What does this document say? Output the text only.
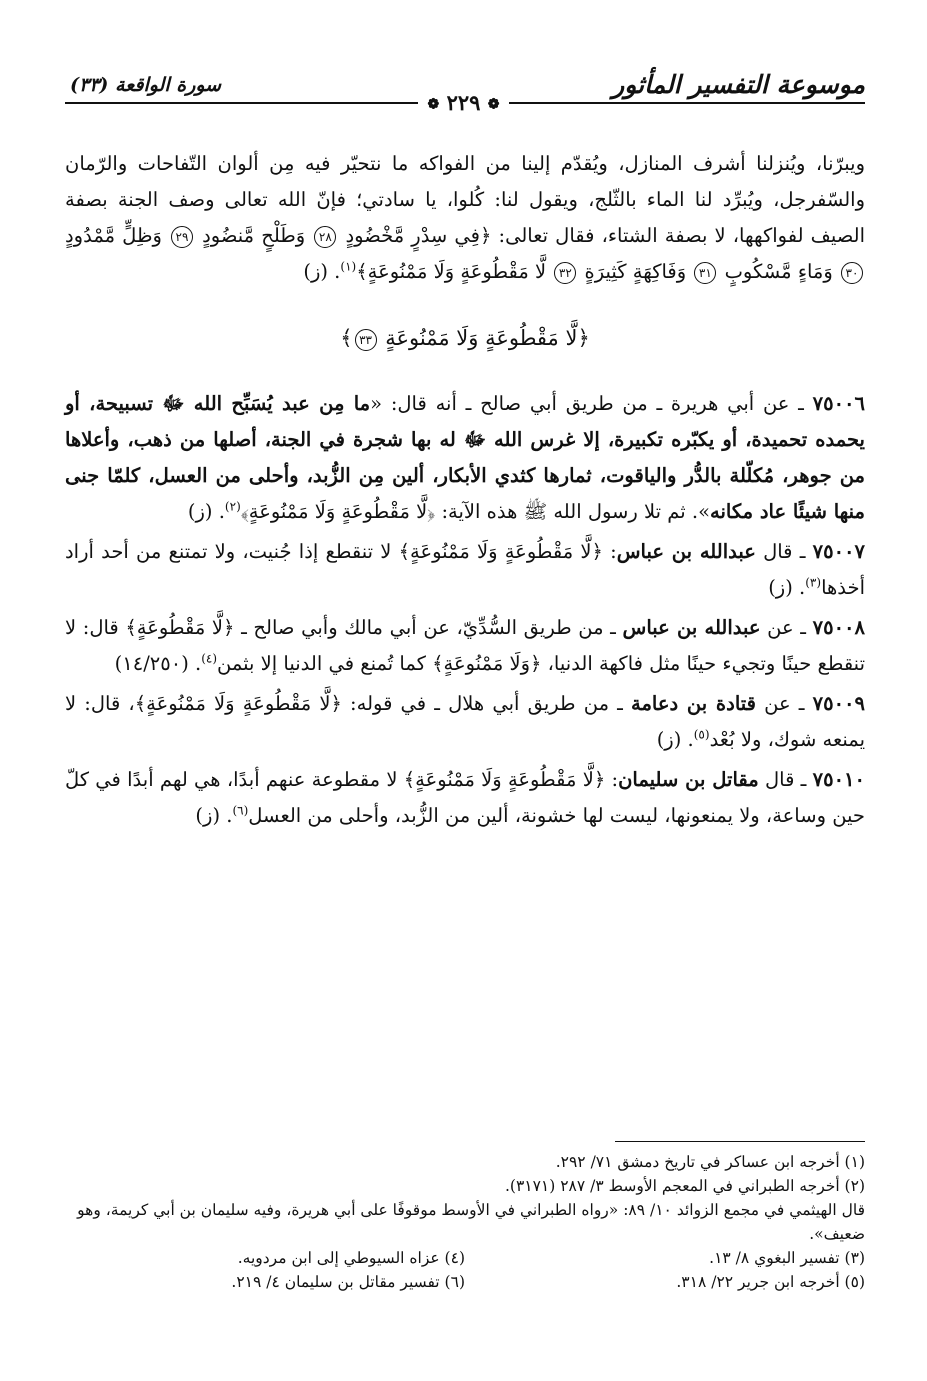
موسوعة التفسير المأثور
سورة الواقعة (٣٣)
❁ ٢٢٩ ❁

ويبرّنا، ويُنزلنا أشرف المنازل، ويُقدّم إلينا من الفواكه ما نتحيّر فيه مِن ألوان التّفاحات والرّمان والسّفرجل، ويُبرِّد لنا الماء بالثّلج، ويقول لنا: كُلوا، يا سادتي؛ فإنّ الله تعالى وصف الجنة بصفة الصيف لفواكهها، لا بصفة الشتاء، فقال تعالى: ﴿فِي سِدْرٍ مَّخْضُودٍ ٢٨ وَطَلْحٍ مَّنضُودٍ ٢٩ وَظِلٍّ مَّمْدُودٍ ٣٠ وَمَاءٍ مَّسْكُوبٍ ٣١ وَفَاكِهَةٍ كَثِيرَةٍ ٣٢ لَّا مَقْطُوعَةٍ وَلَا مَمْنُوعَةٍ﴾$^{(١)}$. (ز)

﴿لَّا مَقْطُوعَةٍ وَلَا مَمْنُوعَةٍ ٣٣﴾

٧٥٠٠٦ ـ عن أبي هريرة ـ من طريق أبي صالح ـ أنه قال: «ما مِن عبد يُسَبِّح الله ﷻ تسبيحة، أو يحمده تحميدة، أو يكبّره تكبيرة، إلا غرس الله ﷻ له بها شجرة في الجنة، أصلها من ذهب، وأعلاها من جوهر، مُكلّلة بالدُّر والياقوت، ثمارها كثدي الأبكار، ألين مِن الزُّبد، وأحلى من العسل، كلمّا جنى منها شيئًا عاد مكانه». ثم تلا رسول الله ﷺ هذه الآية: ﴿لَّا مَقْطُوعَةٍ وَلَا مَمْنُوعَةٍ﴾$^{(٢)}$. (ز)

٧٥٠٠٧ ـ قال عبدالله بن عباس: ﴿لَّا مَقْطُوعَةٍ وَلَا مَمْنُوعَةٍ﴾ لا تنقطع إذا جُنيت، ولا تمتنع من أحد أراد أخذها$^{(٣)}$. (ز)

٧٥٠٠٨ ـ عن عبدالله بن عباس ـ من طريق السُّدِّيّ، عن أبي مالك وأبي صالح ـ ﴿لَّا مَقْطُوعَةٍ﴾ قال: لا تنقطع حينًا وتجيء حينًا مثل فاكهة الدنيا، ﴿وَلَا مَمْنُوعَةٍ﴾ كما تُمنع في الدنيا إلا بثمن$^{(٤)}$. (١٤/٢٥٠)

٧٥٠٠٩ ـ عن قتادة بن دعامة ـ من طريق أبي هلال ـ في قوله: ﴿لَّا مَقْطُوعَةٍ وَلَا مَمْنُوعَةٍ﴾، قال: لا يمنعه شوك، ولا بُعْد$^{(٥)}$. (ز)

٧٥٠١٠ ـ قال مقاتل بن سليمان: ﴿لَّا مَقْطُوعَةٍ وَلَا مَمْنُوعَةٍ﴾ لا مقطوعة عنهم أبدًا، هي لهم أبدًا في كلّ حين وساعة، ولا يمنعونها، ليست لها خشونة، ألين من الزُّبد، وأحلى من العسل$^{(٦)}$. (ز)

(١) أخرجه ابن عساكر في تاريخ دمشق ٧١/ ٢٩٢.

(٢) أخرجه الطبراني في المعجم الأوسط ٣/ ٢٨٧ (٣١٧١).

قال الهيثمي في مجمع الزوائد ١٠/ ٨٩: «رواه الطبراني في الأوسط موقوفًا على أبي هريرة، وفيه سليمان بن أبي كريمة، وهو ضعيف».

(٣) تفسير البغوي ٨/ ١٣.

(٤) عزاه السيوطي إلى ابن مردويه.

(٥) أخرجه ابن جرير ٢٢/ ٣١٨.

(٦) تفسير مقاتل بن سليمان ٤/ ٢١٩.
